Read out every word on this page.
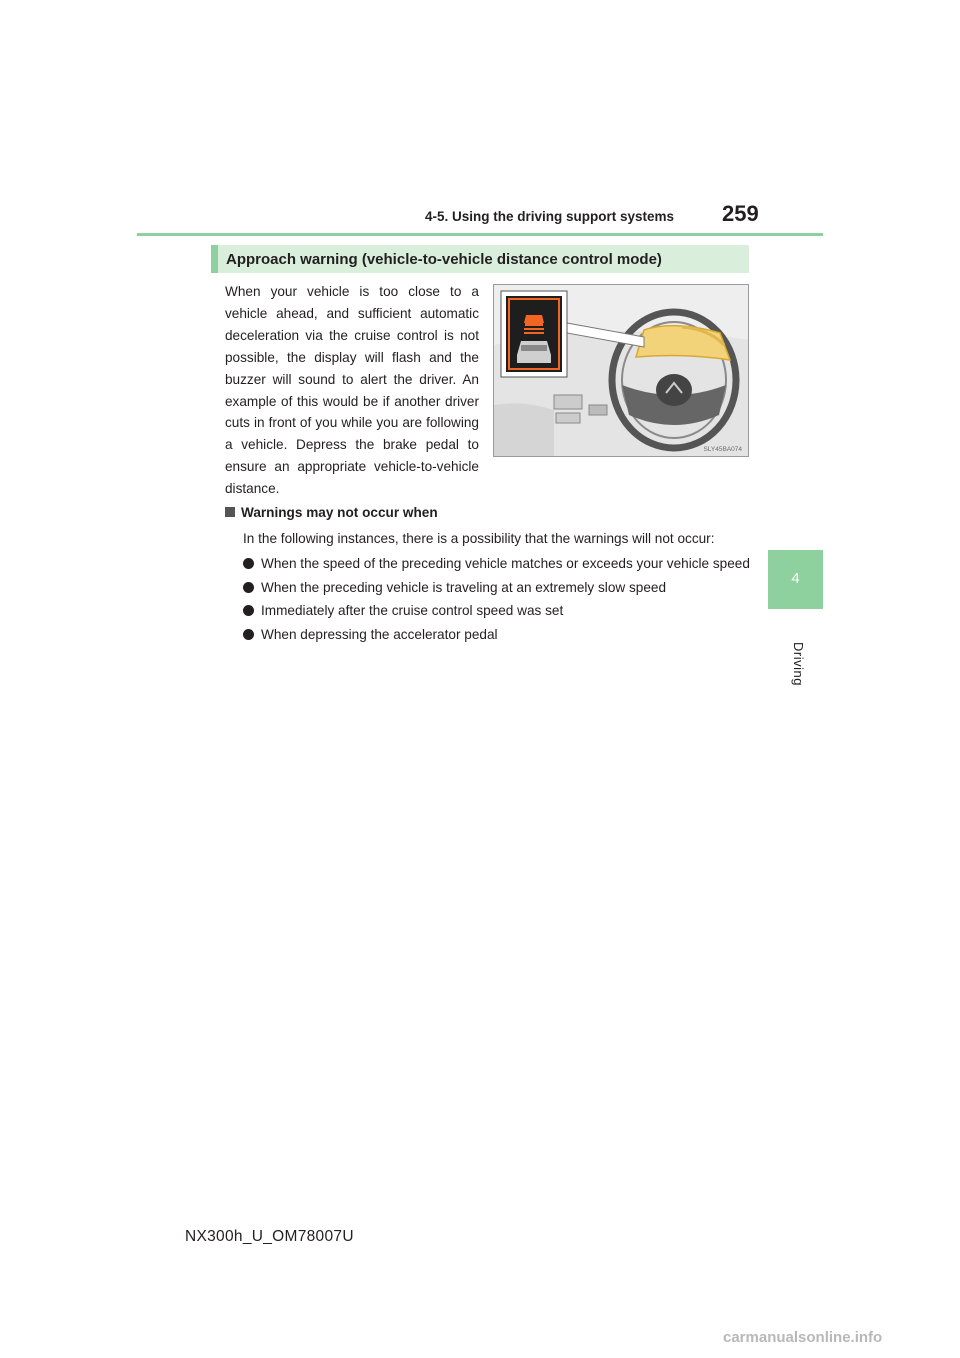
4-5. Using the driving support systems 259
4
Driving
Approach warning (vehicle-to-vehicle distance control mode)
When your vehicle is too close to a vehicle ahead, and sufficient automatic deceleration via the cruise control is not possible, the display will flash and the buzzer will sound to alert the driver. An example of this would be if another driver cuts in front of you while you are following a vehicle. Depress the brake pedal to ensure an appropriate vehicle-to-vehicle distance.
SLY45BA074
Warnings may not occur when
In the following instances, there is a possibility that the warnings will not occur:
When the speed of the preceding vehicle matches or exceeds your vehicle speed
When the preceding vehicle is traveling at an extremely slow speed
Immediately after the cruise control speed was set
When depressing the accelerator pedal
NX300h_U_OM78007U
carmanualsonline.info
